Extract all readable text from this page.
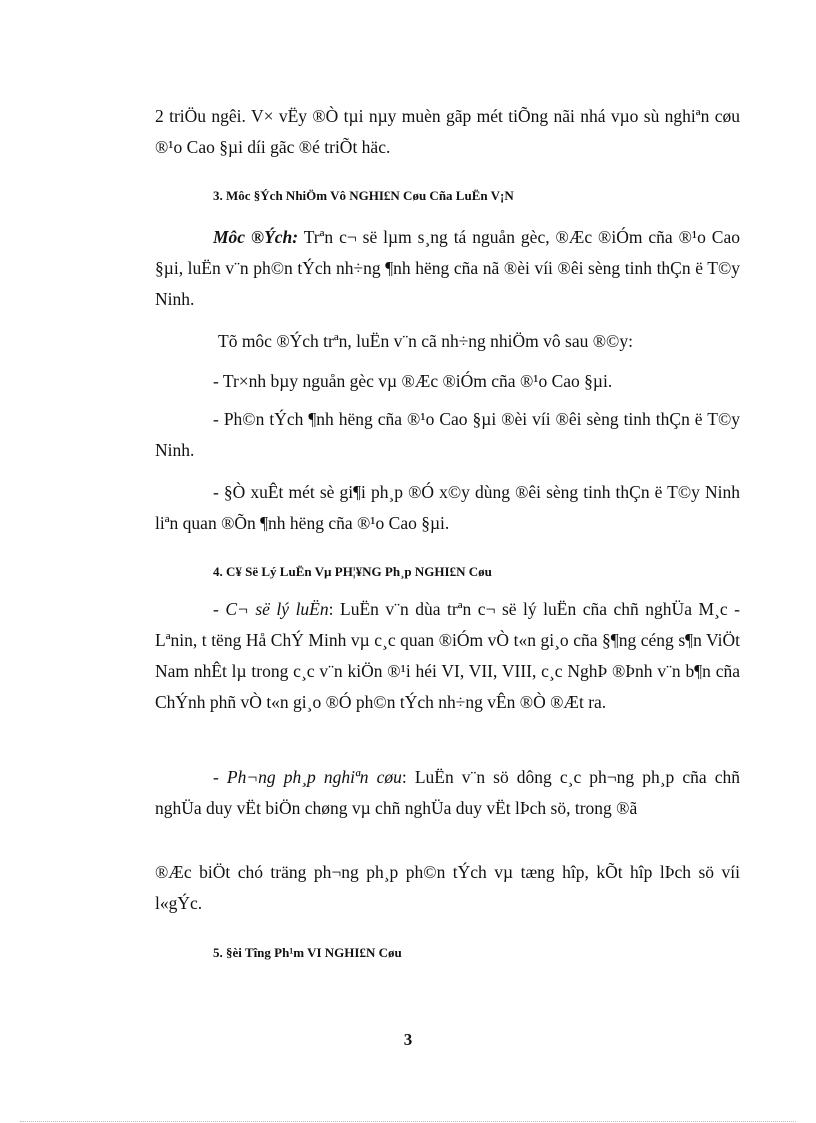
2 triÖu ngêi. V× vËy ®Ò tµi nµy muèn gãp mét tiÕng nãi nhá vµo sù nghiªn cøu ®¹o Cao §µi díi gãc ®é triÕt häc.
3. Môc §Ých NhiÖm Vô NGHI£N Cøu Cña LuËn V¡N
Môc ®Ých: Trªn c¬ së lµm s¸ng tá nguån gèc, ®Æc ®iÓm cña ®¹o Cao §µi, luËn v¨n ph©n tÝch nh÷ng ¶nh hëng cña nã ®èi víi ®êi sèng tinh thÇn ë T©y Ninh.
Tõ môc ®Ých trªn, luËn v¨n cã nh÷ng nhiÖm vô sau ®©y:
- Tr×nh bµy nguån gèc vµ ®Æc ®iÓm cña ®¹o Cao §µi.
- Ph©n tÝch ¶nh hëng cña ®¹o Cao §µi ®èi víi ®êi sèng tinh thÇn ë T©y Ninh.
- §Ò xuÊt mét sè gi¶i ph¸p ®Ó x©y dùng ®êi sèng tinh thÇn ë T©y Ninh liªn quan ®Õn ¶nh hëng cña ®¹o Cao §µi.
4. C¥ Së Lý LuËn Vµ PH¦¥NG Ph¸p NGHI£N Cøu
- C¬ së lý luËn: LuËn v¨n dùa trªn c¬ së lý luËn cña chñ nghÜa M¸c - Lªnin, t tëng Hå ChÝ Minh vµ c¸c quan ®iÓm vÒ t«n gi¸o cña §¶ng céng s¶n ViÖt Nam nhÊt lµ trong c¸c v¨n kiÖn ®¹i héi VI, VII, VIII, c¸c NghÞ ®Þnh v¨n b¶n cña ChÝnh phñ vÒ t«n gi¸o ®Ó ph©n tÝch nh÷ng vÊn ®Ò ®Æt ra.
- Ph¬ng ph¸p nghiªn cøu: LuËn v¨n sö dông c¸c ph¬ng ph¸p cña chñ nghÜa duy vËt biÖn chøng vµ chñ nghÜa duy vËt lÞch sö, trong ®ã
®Æc biÖt chó träng ph¬ng ph¸p ph©n tÝch vµ tæng hîp, kÕt hîp lÞch sö víi l«gÝc.
5. §èi Tîng Ph¹m VI NGHI£N Cøu
3
